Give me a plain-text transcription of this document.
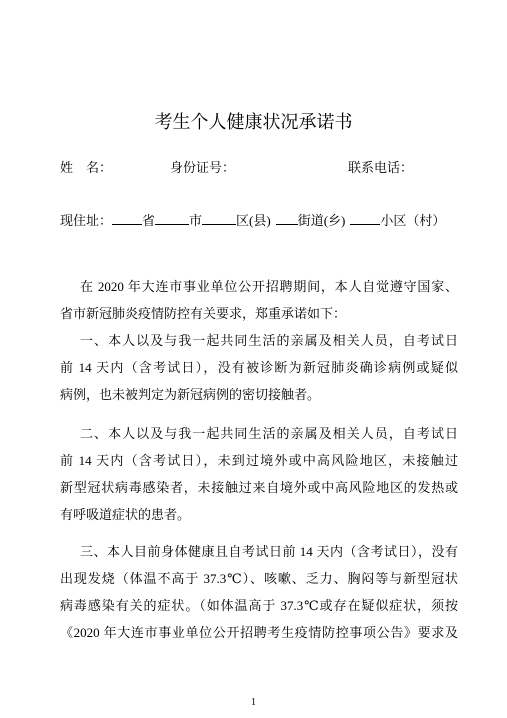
考生个人健康状况承诺书
姓　名：	身份证号：	联系电话：
现住址： 省	市	区(县) 街道(乡)	小区（村）
在 2020 年大连市事业单位公开招聘期间，本人自觉遵守国家、
省市新冠肺炎疫情防控有关要求，郑重承诺如下：
一、本人以及与我一起共同生活的亲属及相关人员，自考试日
前 14 天内（含考试日），没有被诊断为新冠肺炎确诊病例或疑似
病例，也未被判定为新冠病例的密切接触者。
二、本人以及与我一起共同生活的亲属及相关人员，自考试日
前 14 天内（含考试日），未到过境外或中高风险地区，未接触过
新型冠状病毒感染者，未接触过来自境外或中高风险地区的发热或
有呼吸道症状的患者。
三、本人目前身体健康且自考试日前 14 天内（含考试日），没有
出现发烧（体温不高于 37.3℃）、咳嗽、乏力、胸闷等与新型冠状
病毒感染有关的症状。（如体温高于 37.3℃或存在疑似症状，须按
《2020 年大连市事业单位公开招聘考生疫情防控事项公告》要求及
1
